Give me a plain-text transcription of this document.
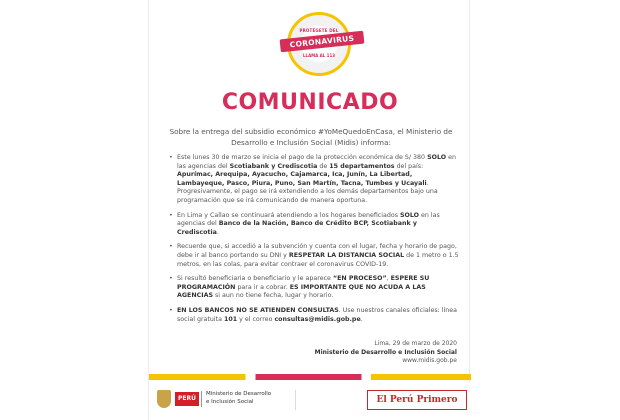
PROTÉGETE DEL
CORONAVIRUS
LLAMA AL 113
COMUNICADO
Sobre la entrega del subsidio económico #YoMeQuedoEnCasa, el Ministerio de Desarrollo e Inclusión Social (Midis) informa:
• Este lunes 30 de marzo se inicia el pago de la protección económica de S/ 380 SOLO en las agencias del Scotiabank y Crediscotia de 15 departamentos del país: Apurímac, Arequipa, Ayacucho, Cajamarca, Ica, Junín, La Libertad, Lambayeque, Pasco, Piura, Puno, San Martín, Tacna, Tumbes y Ucayali. Progresivamente, el pago se irá extendiendo a los demás departamentos bajo una programación que se irá comunicando de manera oportuna.
• En Lima y Callao se continuará atendiendo a los hogares beneficiados SOLO en las agencias del Banco de la Nación, Banco de Crédito BCP, Scotiabank y Crediscotia.
• Recuerde que, si accedió a la subvención y cuenta con el lugar, fecha y horario de pago, debe ir al banco portando su DNI y RESPETAR LA DISTANCIA SOCIAL de 1 metro o 1.5 metros, en las colas, para evitar contraer el coronavirus COVID-19.
• Si resultó beneficiaria o beneficiario y le aparece “EN PROCESO”, ESPERE SU PROGRAMACIÓN para ir a cobrar. ES IMPORTANTE QUE NO ACUDA A LAS AGENCIAS si aun no tiene fecha, lugar y horario.
• EN LOS BANCOS NO SE ATIENDEN CONSULTAS. Use nuestros canales oficiales: línea social gratuita 101 y el correo consultas@midis.gob.pe.
Lima, 29 de marzo de 2020
Ministerio de Desarrollo e Inclusión Social
www.midis.gob.pe
PERÚ
Ministerio de Desarrollo
e Inclusión Social	El Perú Primero
